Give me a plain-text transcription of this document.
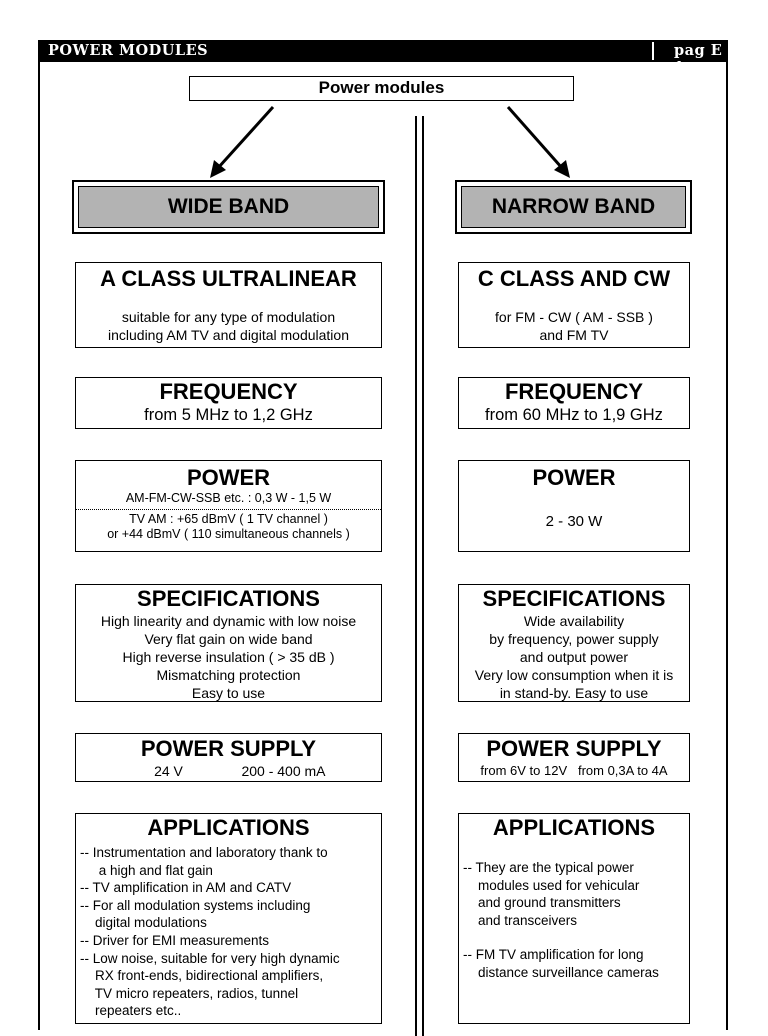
POWER MODULES	pag E 1
Power modules
WIDE BAND
A CLASS ULTRALINEAR
suitable for any type of modulation
including AM TV and digital modulation
FREQUENCY
from 5 MHz to 1,2 GHz
POWER
AM-FM-CW-SSB etc. : 0,3 W - 1,5 W
TV AM : +65 dBmV ( 1 TV channel )
or +44 dBmV ( 110 simultaneous channels )
SPECIFICATIONS
High linearity and dynamic with low noise
Very flat gain on wide band
High reverse insulation ( > 35 dB )
Mismatching protection
Easy to use
POWER SUPPLY
24 V	200 - 400 mA
APPLICATIONS
-- Instrumentation and laboratory thank to
a high and flat gain
-- TV amplification in AM and CATV
-- For all modulation systems including
digital modulations
-- Driver for EMI measurements
-- Low noise, suitable for very high dynamic
RX front-ends, bidirectional amplifiers,
TV micro repeaters, radios, tunnel
repeaters etc..
NARROW BAND
C CLASS AND CW
for FM - CW ( AM - SSB )
and FM TV
FREQUENCY
from 60 MHz to 1,9 GHz
POWER
2 - 30 W
SPECIFICATIONS
Wide availability
by frequency, power supply
and output power
Very low consumption when it is
in stand-by. Easy to use
POWER SUPPLY
from 6V to 12V   from 0,3A to 4A
APPLICATIONS
-- They are the typical power
modules used for vehicular
and ground transmitters
and transceivers
-- FM TV amplification for long
distance surveillance cameras
